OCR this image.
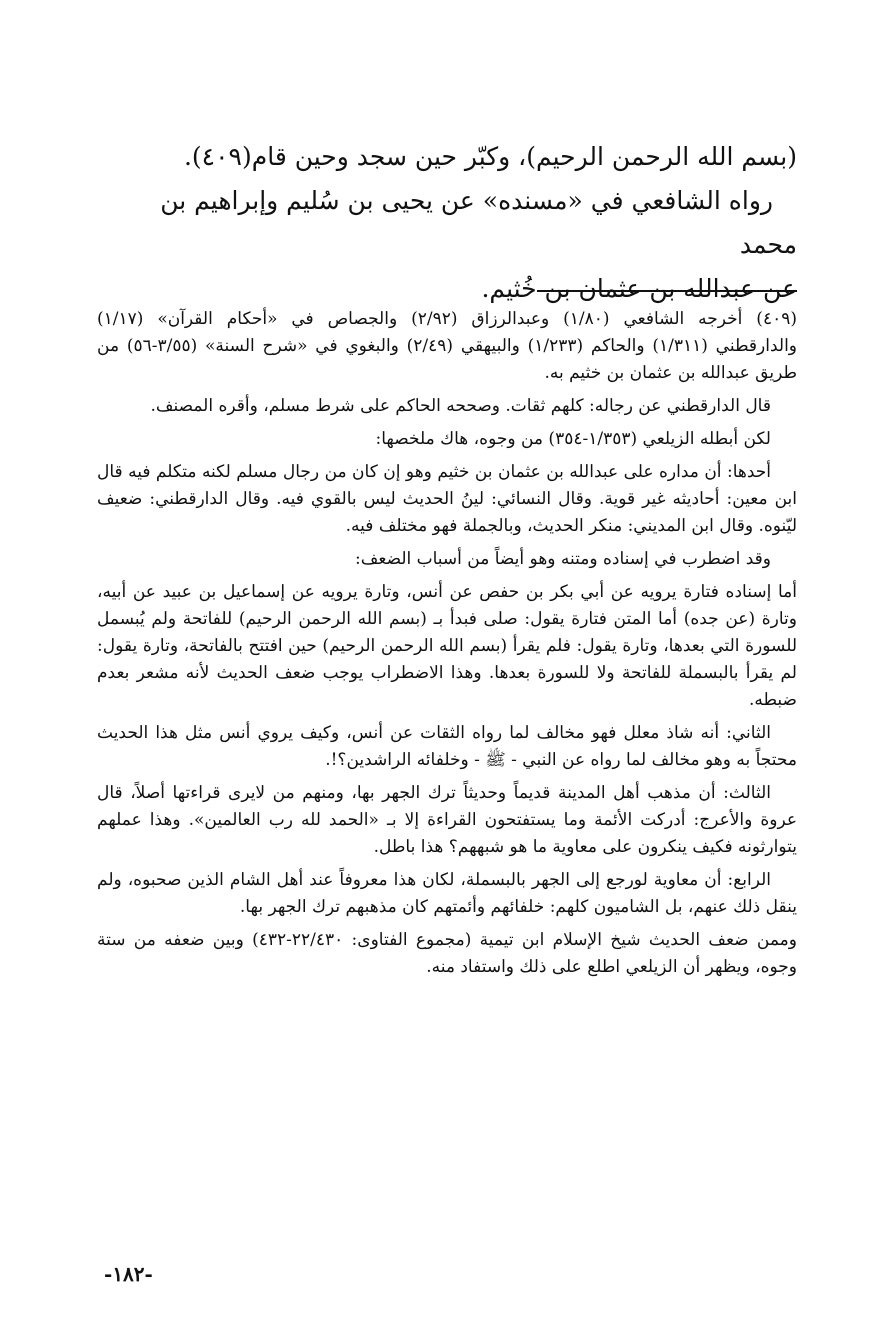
(بسم الله الرحمن الرحيم)، وكبّر حين سجد وحين قام(٤٠٩).

رواه الشافعي في «مسنده» عن يحيى بن سُليم وإبراهيم بن محمد

عن عبدالله بن عثمان بن خُثيم.

(٤٠٩) أخرجه الشافعي (١/٨٠) وعبدالرزاق (٢/٩٢) والجصاص في «أحكام القرآن» (١/١٧) والدارقطني (١/٣١١) والحاكم (١/٢٣٣) والبيهقي (٢/٤٩) والبغوي في «شرح السنة» (٣/٥٥-٥٦) من طريق عبدالله بن عثمان بن خثيم به.

قال الدارقطني عن رجاله: كلهم ثقات. وصححه الحاكم على شرط مسلم، وأقره المصنف.

لكن أبطله الزيلعي (١/٣٥٣-٣٥٤) من وجوه، هاك ملخصها:

أحدها: أن مداره على عبدالله بن عثمان بن خثيم وهو إن كان من رجال مسلم لكنه متكلم فيه قال ابن معين: أحاديثه غير قوية. وقال النسائي: لينُ الحديث ليس بالقوي فيه. وقال الدارقطني: ضعيف ليّنوه. وقال ابن المديني: منكر الحديث، وبالجملة فهو مختلف فيه.

وقد اضطرب في إسناده ومتنه وهو أيضاً من أسباب الضعف:

أما إسناده فتارة يرويه عن أبي بكر بن حفص عن أنس، وتارة يرويه عن إسماعيل بن عبيد عن أبيه، وتارة (عن جده) أما المتن فتارة يقول: صلى فبدأ بـ (بسم الله الرحمن الرحيم) للفاتحة ولم يُبسمل للسورة التي بعدها، وتارة يقول: فلم يقرأ (بسم الله الرحمن الرحيم) حين افتتح بالفاتحة، وتارة يقول: لم يقرأ بالبسملة للفاتحة ولا للسورة بعدها. وهذا الاضطراب يوجب ضعف الحديث لأنه مشعر بعدم ضبطه.

الثاني: أنه شاذ معلل فهو مخالف لما رواه الثقات عن أنس، وكيف يروي أنس مثل هذا الحديث محتجاً به وهو مخالف لما رواه عن النبي - ﷺ - وخلفائه الراشدين؟!.

الثالث: أن مذهب أهل المدينة قديماً وحديثاً ترك الجهر بها، ومنهم من لايرى قراءتها أصلاً، قال عروة والأعرج: أدركت الأئمة وما يستفتحون القراءة إلا بـ «الحمد لله رب العالمين». وهذا عملهم يتوارثونه فكيف ينكرون على معاوية ما هو شبههم؟ هذا باطل.

الرابع: أن معاوية لورجع إلى الجهر بالبسملة، لكان هذا معروفاً عند أهل الشام الذين صحبوه، ولم ينقل ذلك عنهم، بل الشاميون كلهم: خلفائهم وأئمتهم كان مذهبهم ترك الجهر بها.

وممن ضعف الحديث شيخ الإسلام ابن تيمية (مجموع الفتاوى: ٢٢/٤٣٠-٤٣٢) وبين ضعفه من ستة وجوه، ويظهر أن الزيلعي اطلع على ذلك واستفاد منه.

-١٨٢-
